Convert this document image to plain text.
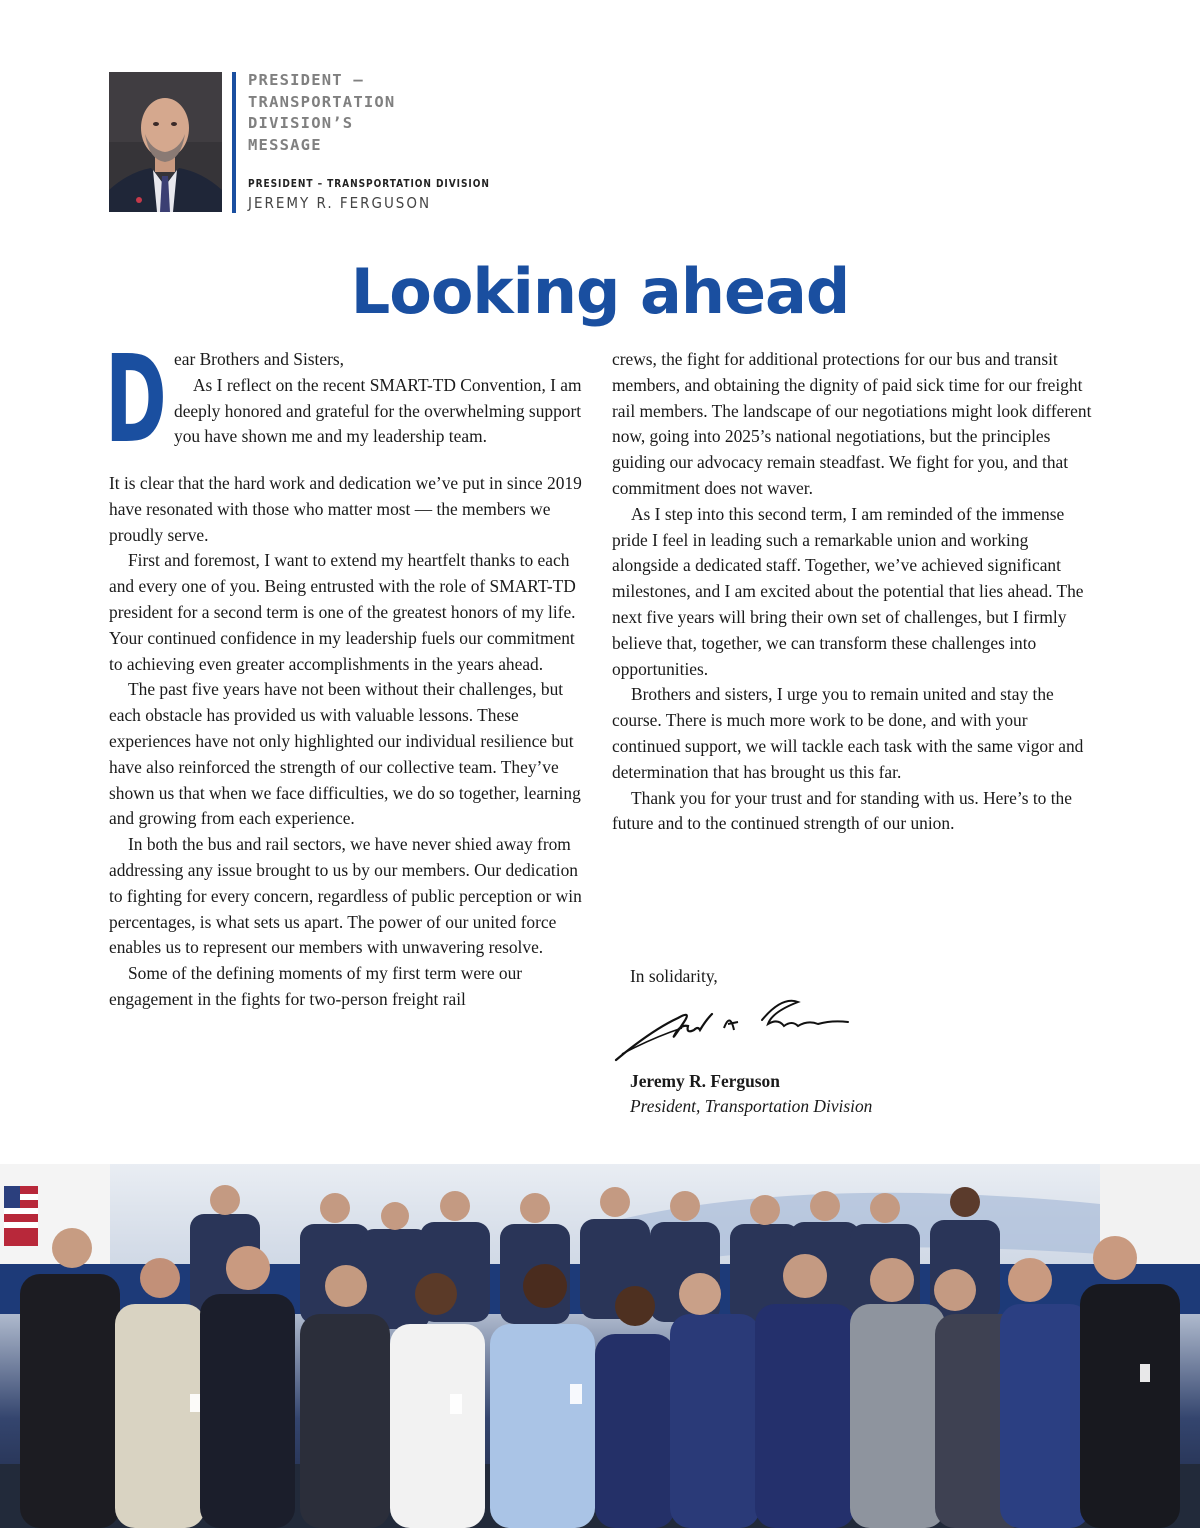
PRESIDENT –
TRANSPORTATION
DIVISION’S
MESSAGE
PRESIDENT – TRANSPORTATION DIVISION
JEREMY R. FERGUSON
Looking ahead
D ear Brothers and Sisters,

As I reflect on the recent SMART-TD Convention, I am deeply honored and grateful for the overwhelming support you have shown me and my leadership team.

It is clear that the hard work and dedication we’ve put in since 2019 have resonated with those who matter most — the members we proudly serve.

First and foremost, I want to extend my heartfelt thanks to each and every one of you. Being entrusted with the role of SMART-TD president for a second term is one of the greatest honors of my life. Your continued confidence in my leadership fuels our commitment to achieving even greater accomplishments in the years ahead.

The past five years have not been without their challenges, but each obstacle has provided us with valuable lessons. These experiences have not only highlighted our individual resilience but have also reinforced the strength of our collective team. They’ve shown us that when we face difficulties, we do so together, learning and growing from each experience.

In both the bus and rail sectors, we have never shied away from addressing any issue brought to us by our members. Our dedication to fighting for every concern, regardless of public perception or win percentages, is what sets us apart. The power of our united force enables us to represent our members with unwavering resolve.

Some of the defining moments of my first term were our engagement in the fights for two-person freight rail

crews, the fight for additional protections for our bus and transit members, and obtaining the dignity of paid sick time for our freight rail members. The landscape of our negotiations might look different now, going into 2025’s national negotiations, but the principles guiding our advocacy remain steadfast. We fight for you, and that commitment does not waver.

As I step into this second term, I am reminded of the immense pride I feel in leading such a remarkable union and working alongside a dedicated staff. Together, we’ve achieved significant milestones, and I am excited about the potential that lies ahead. The next five years will bring their own set of challenges, but I firmly believe that, together, we can transform these challenges into opportunities.

Brothers and sisters, I urge you to remain united and stay the course. There is much more work to be done, and with your continued support, we will tackle each task with the same vigor and determination that has brought us this far.

Thank you for your trust and for standing with us. Here’s to the future and to the continued strength of our union.

In solidarity,
Jeremy R. Ferguson
President, Transportation Division
